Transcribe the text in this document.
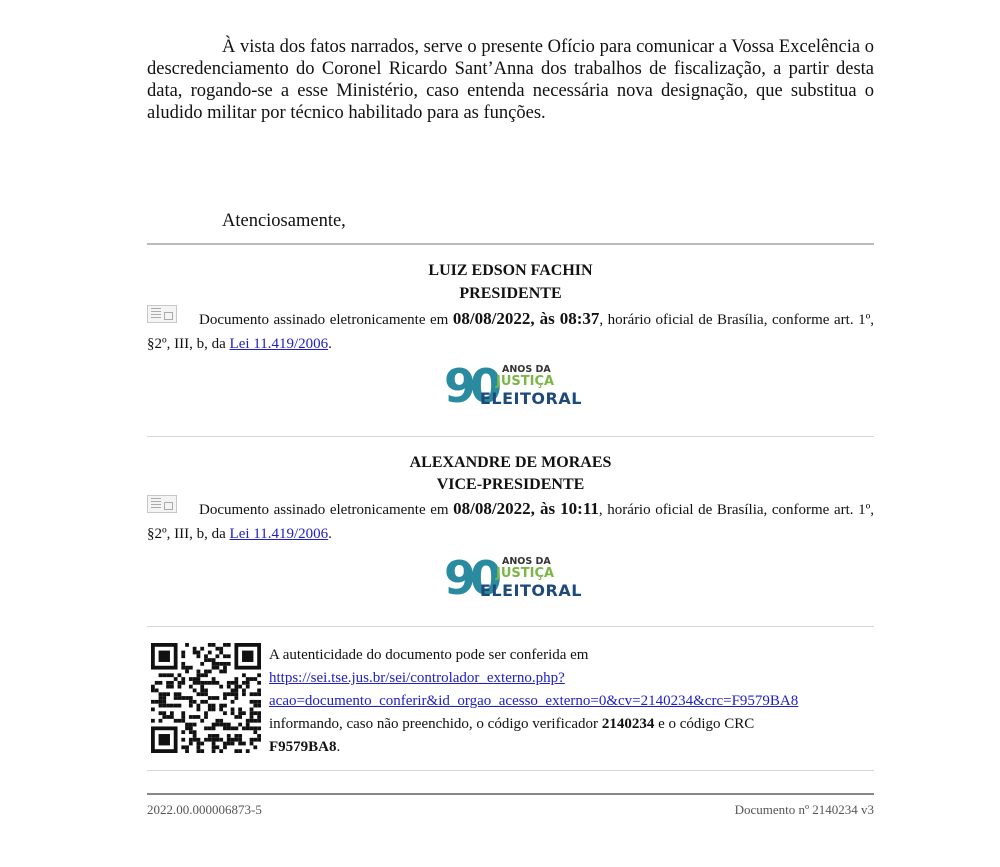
À vista dos fatos narrados, serve o presente Ofício para comunicar a Vossa Excelência o descredenciamento do Coronel Ricardo Sant’Anna dos trabalhos de fiscalização, a partir desta data, rogando-se a esse Ministério, caso entenda necessária nova designação, que substitua o aludido militar por técnico habilitado para as funções.

Atenciosamente,

LUIZ EDSON FACHIN

PRESIDENTE

Documento assinado eletronicamente em 08/08/2022, às 08:37, horário oficial de Brasília, conforme art. 1º, §2º, III, b, da Lei 11.419/2006.

90 ANOS DA
JUSTIÇA
ELEITORAL

ALEXANDRE DE MORAES

VICE-PRESIDENTE

Documento assinado eletronicamente em 08/08/2022, às 10:11, horário oficial de Brasília, conforme art. 1º, §2º, III, b, da Lei 11.419/2006.

90 ANOS DA
JUSTIÇA
ELEITORAL

A autenticidade do documento pode ser conferida em
https://sei.tse.jus.br/sei/controlador_externo.php?
acao=documento_conferir&id_orgao_acesso_externo=0&cv=2140234&crc=F9579BA8
informando, caso não preenchido, o código verificador 2140234 e o código CRC
F9579BA8.

2022.00.000006873-5	Documento nº 2140234 v3
